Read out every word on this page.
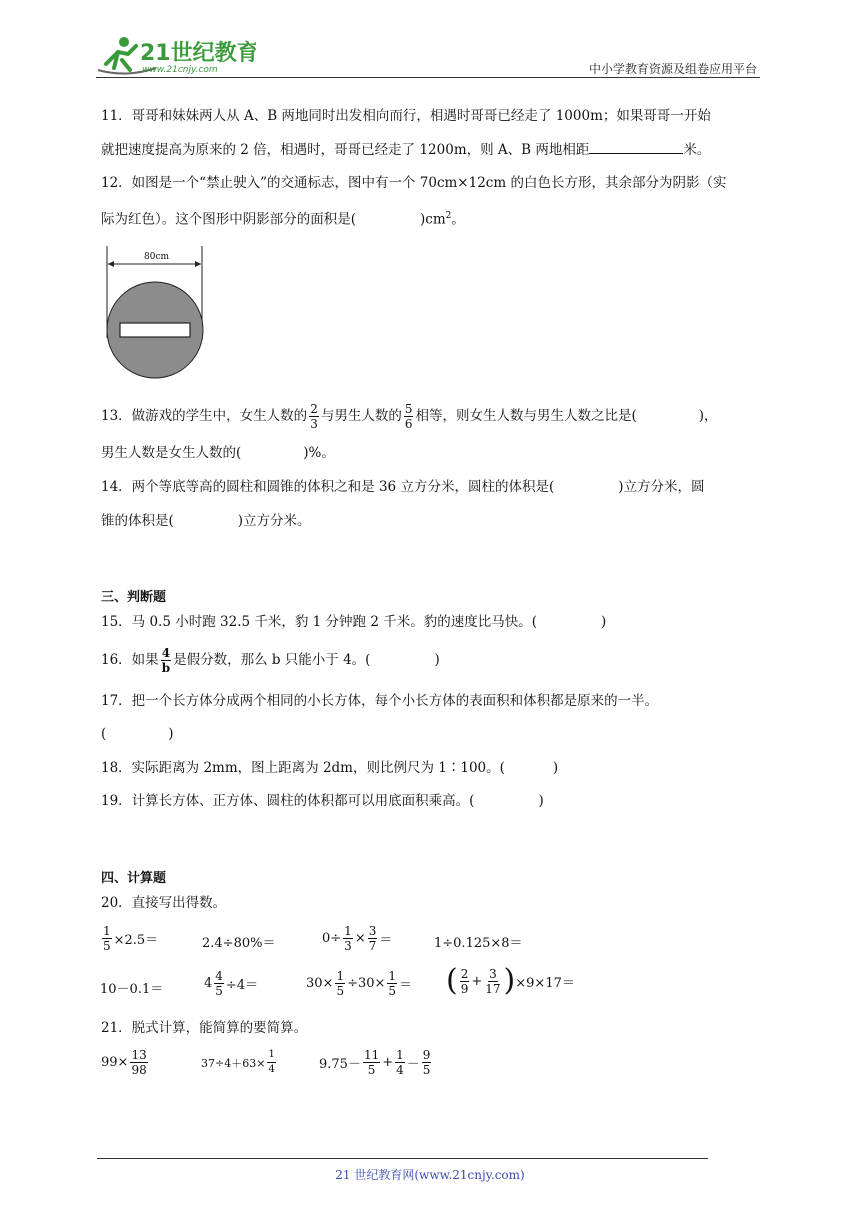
21世纪教育
www.21cnjy.com	中小学教育资源及组卷应用平台
11．哥哥和妹妹两人从 A、B 两地同时出发相向而行，相遇时哥哥已经走了 1000m；如果哥哥一开始
就把速度提高为原来的 2 倍，相遇时，哥哥已经走了 1200m，则 A、B 两地相距	米。
12．如图是一个“禁止驶入”的交通标志，图中有一个 70cm×12cm 的白色长方形，其余部分为阴影（实
际为红色）。这个图形中阴影部分的面积是(	)$cm^2$。
80cm
13．做游戏的学生中，女生人数的 $\frac{2}{3}$ 与男生人数的 $\frac{5}{6}$ 相等，则女生人数与男生人数之比是(	)，
男生人数是女生人数的(	)%。
14．两个等底等高的圆柱和圆锥的体积之和是 36 立方分米，圆柱的体积是(	)立方分米，圆
锥的体积是(	)立方分米。
三、判断题
15．马 0.5 小时跑 32.5 千米，豹 1 分钟跑 2 千米。豹的速度比马快。(	)
16．如果 $\frac{4}{b}$ 是假分数，那么 b 只能小于 4。(	)
17．把一个长方体分成两个相同的小长方体，每个小长方体的表面积和体积都是原来的一半。
(	)
18．实际距离为 2mm，图上距离为 2dm，则比例尺为 1∶100。(	)
19．计算长方体、正方体、圆柱的体积都可以用底面积乘高。(	)
四、计算题
20．直接写出得数。
$\frac{1}{5} \times 2.5=$	2.4÷80%＝	$0\div \frac{1}{3} \times \frac{3}{7}$ ＝	1÷0.125×8＝
10－0.1＝	$4 \frac{4}{5} \div 4=$	$30\times \frac{1}{5} \div 30\times \frac{1}{5}$ ＝ ( $\frac{2}{9} + \frac{3}{17}$ ) ×9×17＝
21．脱式计算，能简算的要简算。
$99\times \frac{13}{98}$	$37\div 4+63\times \frac{1}{4}$	$9.75- \frac{11}{5} + \frac{1}{4} - \frac{9}{5}$
21 世纪教育网(www.21cnjy.com)
